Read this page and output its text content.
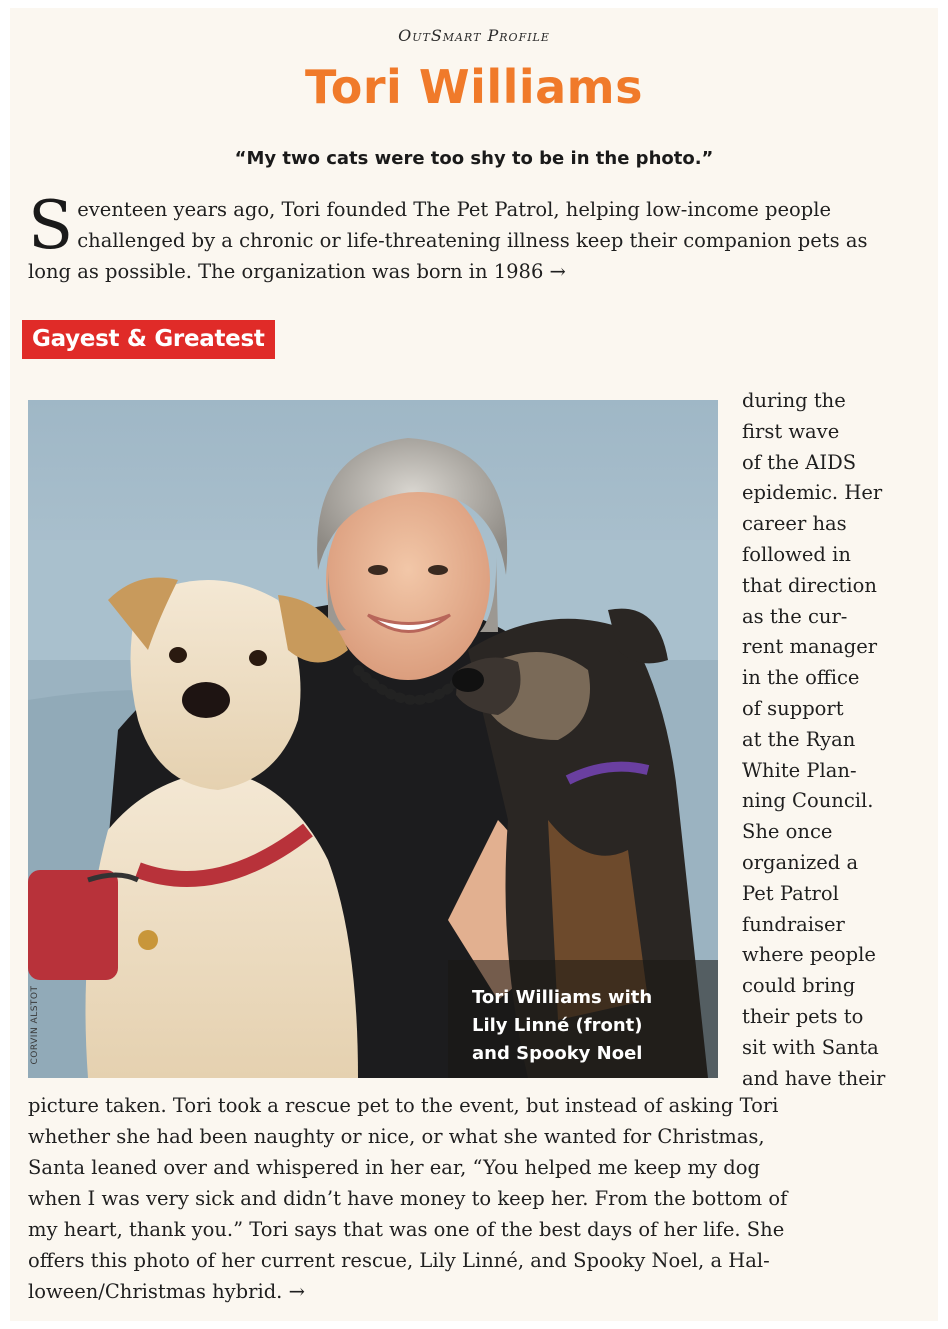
OutSmart Profile
Tori Williams
“My two cats were too shy to be in the photo.”

Seventeen years ago, Tori founded The Pet Patrol, helping low-income people challenged by a chronic or life-threatening illness keep their companion pets as long as possible. The organization was born in 1986 →

Gayest & Greatest

Tori Williams with
Lily Linné (front)
and Spooky Noel

CORVIN ALSTOT

during the
first wave
of the AIDS
epidemic. Her
career has
followed in
that direction
as the cur-
rent manager
in the office
of support
at the Ryan
White Plan-
ning Council.
She once
organized a
Pet Patrol
fundraiser
where people
could bring
their pets to
sit with Santa
and have their

picture taken. Tori took a rescue pet to the event, but instead of asking Tori
whether she had been naughty or nice, or what she wanted for Christmas,
Santa leaned over and whispered in her ear, “You helped me keep my dog
when I was very sick and didn’t have money to keep her. From the bottom of
my heart, thank you.” Tori says that was one of the best days of her life. She
offers this photo of her current rescue, Lily Linné, and Spooky Noel, a Hal-
loween/Christmas hybrid. →
